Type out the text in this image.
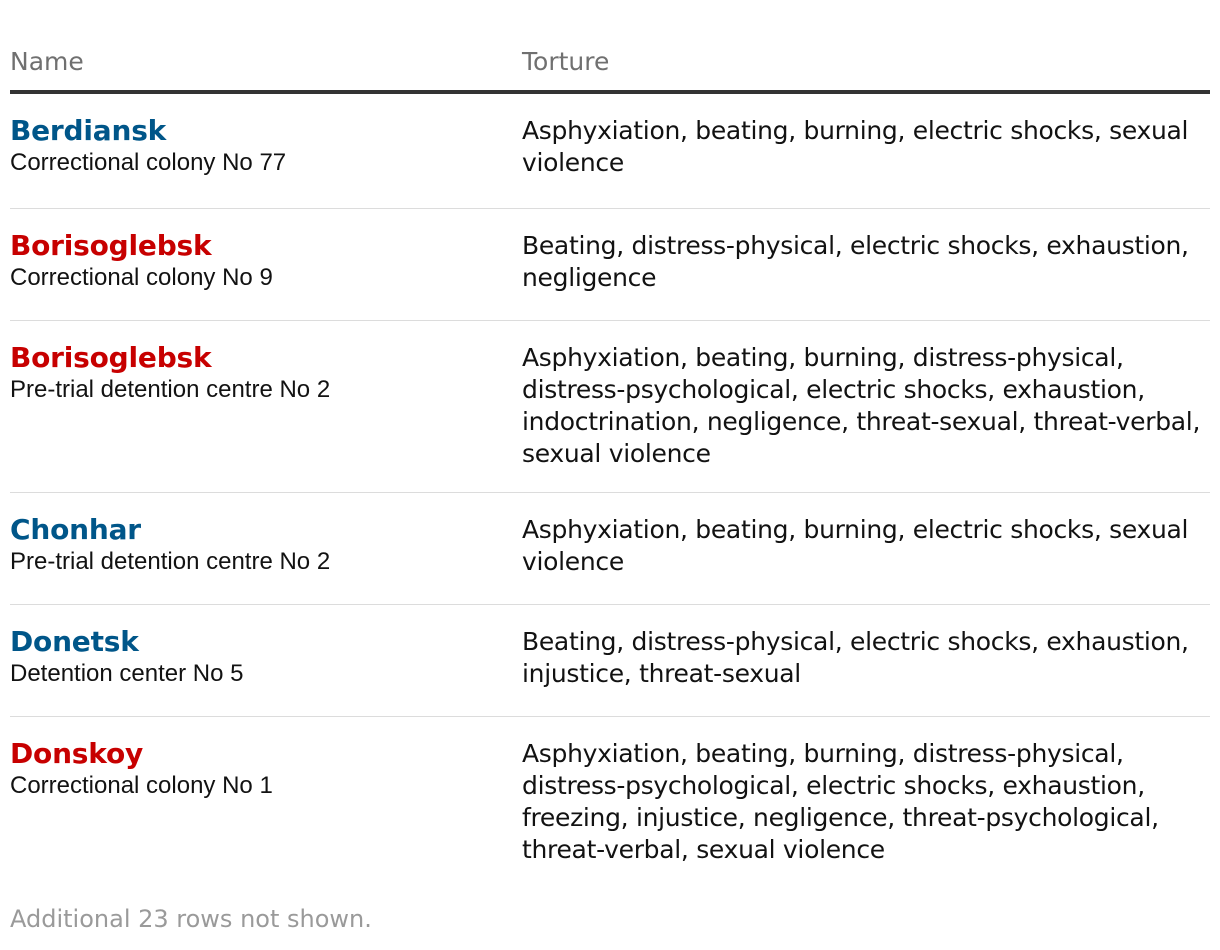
Name	Torture
Berdiansk
Correctional colony No 77
Asphyxiation, beating, burning, electric shocks, sexual violence
Borisoglebsk
Correctional colony No 9
Beating, distress-physical, electric shocks, exhaustion, negligence
Borisoglebsk
Pre-trial detention centre No 2
Asphyxiation, beating, burning, distress-physical, distress-psychological, electric shocks, exhaustion, indoctrination, negligence, threat-sexual, threat-verbal, sexual violence
Chonhar
Pre-trial detention centre No 2
Asphyxiation, beating, burning, electric shocks, sexual violence
Donetsk
Detention center No 5
Beating, distress-physical, electric shocks, exhaustion, injustice, threat-sexual
Donskoy
Correctional colony No 1
Asphyxiation, beating, burning, distress-physical, distress-psychological, electric shocks, exhaustion, freezing, injustice, negligence, threat-psychological, threat-verbal, sexual violence
Additional 23 rows not shown.
